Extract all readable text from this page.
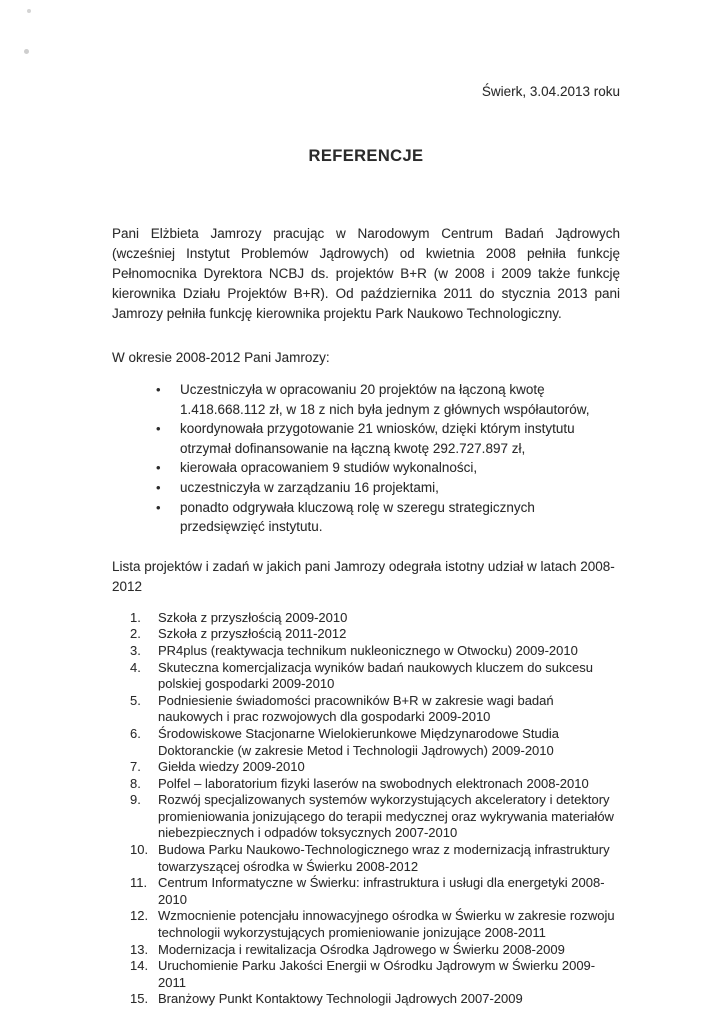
Świerk, 3.04.2013 roku
REFERENCJE

Pani Elżbieta Jamrozy pracując w Narodowym Centrum Badań Jądrowych (wcześniej Instytut Problemów Jądrowych) od kwietnia 2008 pełniła funkcję Pełnomocnika Dyrektora NCBJ ds. projektów B+R (w 2008 i 2009 także funkcję kierownika Działu Projektów B+R). Od października 2011 do stycznia 2013 pani Jamrozy pełniła funkcję kierownika projektu Park Naukowo Technologiczny.

W okresie 2008-2012 Pani Jamrozy:

• Uczestniczyła w opracowaniu 20 projektów na łączoną kwotę 1.418.668.112 zł, w 18 z nich była jednym z głównych współautorów,
• koordynowała przygotowanie 21 wniosków, dzięki którym instytutu otrzymał dofinansowanie na łączną kwotę 292.727.897 zł,
• kierowała opracowaniem 9 studiów wykonalności,
• uczestniczyła w zarządzaniu 16 projektami,
• ponadto odgrywała kluczową rolę w szeregu strategicznych przedsięwzięć instytutu.

Lista projektów i zadań w jakich pani Jamrozy odegrała istotny udział w latach 2008-2012

1.	Szkoła z przyszłością 2009-2010
2.	Szkoła z przyszłością 2011-2012
3.	PR4plus (reaktywacja technikum nukleonicznego w Otwocku) 2009-2010
4.	Skuteczna komercjalizacja wyników badań naukowych kluczem do sukcesu polskiej gospodarki 2009-2010
5.	Podniesienie świadomości pracowników B+R w zakresie wagi badań naukowych i prac rozwojowych dla gospodarki 2009-2010
6.	Środowiskowe Stacjonarne Wielokierunkowe Międzynarodowe Studia Doktoranckie (w zakresie Metod i Technologii Jądrowych) 2009-2010
7.	Giełda wiedzy 2009-2010
8.	Polfel – laboratorium fizyki laserów na swobodnych elektronach 2008-2010
9.	Rozwój specjalizowanych systemów wykorzystujących akceleratory i detektory promieniowania jonizującego do terapii medycznej oraz wykrywania materiałów niebezpiecznych i odpadów toksycznych 2007-2010
10. Budowa Parku Naukowo-Technologicznego wraz z modernizacją infrastruktury towarzyszącej ośrodka w Świerku 2008-2012
11. Centrum Informatyczne w Świerku: infrastruktura i usługi dla energetyki 2008-2010
12. Wzmocnienie potencjału innowacyjnego ośrodka w Świerku w zakresie rozwoju technologii wykorzystujących promieniowanie jonizujące 2008-2011
13. Modernizacja i rewitalizacja Ośrodka Jądrowego w Świerku 2008-2009
14. Uruchomienie Parku Jakości Energii w Ośrodku Jądrowym w Świerku 2009-2011
15. Branżowy Punkt Kontaktowy Technologii Jądrowych 2007-2009
